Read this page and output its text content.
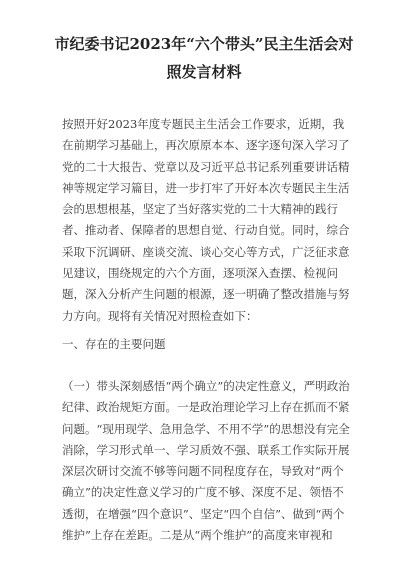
市纪委书记2023年“六个带头”民主生活会对照发言材料
按照开好2023年度专题民主生活会工作要求，近期，我在前期学习基础上，再次原原本本、逐字逐句深入学习了党的二十大报告、党章以及习近平总书记系列重要讲话精神等规定学习篇目，进一步打牢了开好本次专题民主生活会的思想根基，坚定了当好落实党的二十大精神的践行者、推动者、保障者的思想自觉、行动自觉。同时，综合采取下沉调研、座谈交流、谈心交心等方式，广泛征求意见建议，围绕规定的六个方面，逐项深入查摆、检视问题，深入分析产生问题的根源，逐一明确了整改措施与努力方向。现将有关情况对照检查如下：
一、存在的主要问题
（一）带头深刻感悟“两个确立”的决定性意义，严明政治纪律、政治规矩方面。一是政治理论学习上存在抓而不紧问题。“现用现学、急用急学、不用不学”的思想没有完全消除，学习形式单一、学习质效不强、联系工作实际开展深层次研讨交流不够等问题不同程度存在，导致对“两个确立”的决定性意义学习的广度不够、深度不足、领悟不透彻，在增强“四个意识”、坚定“四个自信”、做到“两个维护”上存在差距。二是从“两个维护”的高度来审视和
